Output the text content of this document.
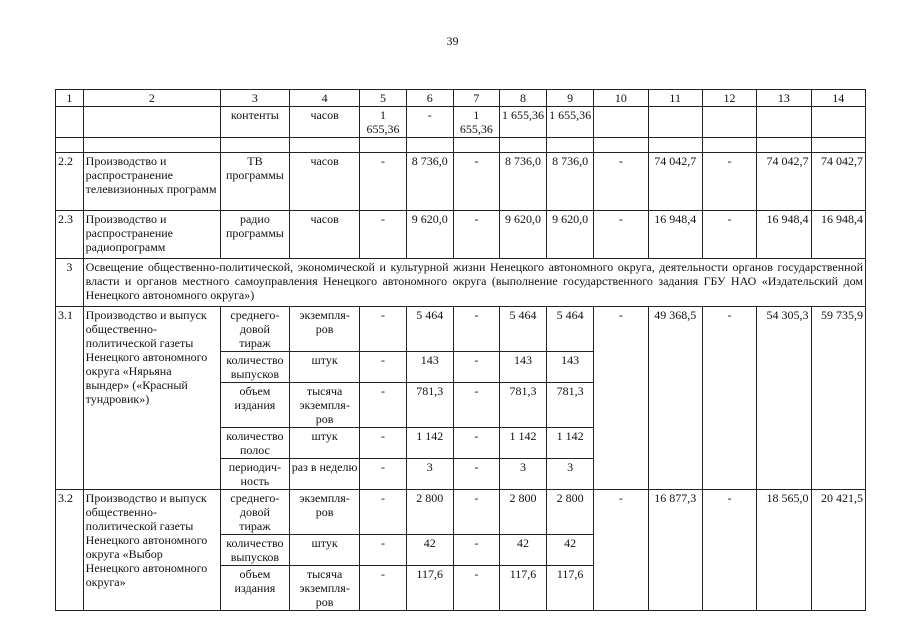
39
1	2	3	4	5	6	7	8	9	10	11	12	13	14
		контенты	часов	1 655,36	-	1 655,36	1 655,36	1 655,36					

2.2	Производство и распространение телевизионных программ	ТВ программы	часов	-	8 736,0	-	8 736,0	8 736,0	-	74 042,7	-	74 042,7	74 042,7
2.3	Производство и распространение радиопрограмм	радио программы	часов	-	9 620,0	-	9 620,0	9 620,0	-	16 948,4	-	16 948,4	16 948,4
3	Освещение общественно-политической, экономической и культурной жизни Ненецкого автономного округа, деятельности органов государственной власти и органов местного самоуправления Ненецкого автономного округа (выполнение государственного задания ГБУ НАО «Издательский дом Ненецкого автономного округа»)												
3.1	Производство и выпуск общественно-политической газеты Ненецкого автономного округа «Нярьяна вындер» («Красный тундровик»)	среднего-довой тираж	экземпля-ров	-	5 464	-	5 464	5 464	-	49 368,5	-	54 305,3	59 735,9
		количество выпусков	штук	-	143	-	143	143					
		объем издания	тысяча экземпля-ров	-	781,3	-	781,3	781,3					
		количество полос	штук	-	1 142	-	1 142	1 142					
		периодич-ность	раз в неделю	-	3	-	3	3					
3.2	Производство и выпуск общественно-политической газеты Ненецкого автономного округа «Выбор Ненецкого автономного округа»	среднего-довой тираж	экземпля-ров	-	2 800	-	2 800	2 800	-	16 877,3	-	18 565,0	20 421,5
		количество выпусков	штук	-	42	-	42	42					
		объем издания	тысяча экземпля-ров	-	117,6	-	117,6	117,6					
